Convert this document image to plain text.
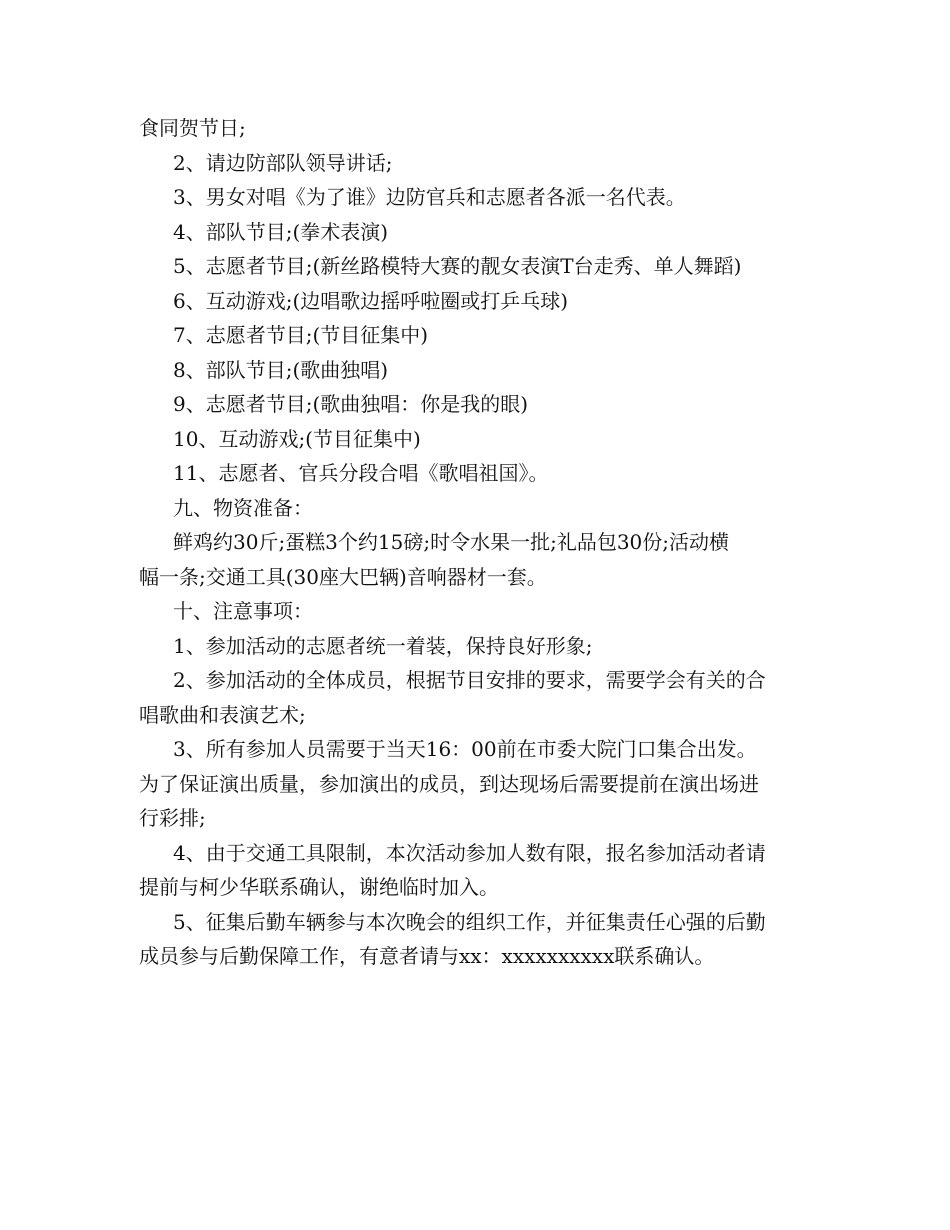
食同贺节日;

2、请边防部队领导讲话;

3、男女对唱《为了谁》边防官兵和志愿者各派一名代表。

4、部队节目;(拳术表演)

5、志愿者节目;(新丝路模特大赛的靓女表演T台走秀、单人舞蹈)

6、互动游戏;(边唱歌边摇呼啦圈或打乒乓球)

7、志愿者节目;(节目征集中)

8、部队节目;(歌曲独唱)

9、志愿者节目;(歌曲独唱：你是我的眼)

10、互动游戏;(节目征集中)

11、志愿者、官兵分段合唱《歌唱祖国》。

九、物资准备：

鲜鸡约30斤;蛋糕3个约15磅;时令水果一批;礼品包30份;活动横

幅一条;交通工具(30座大巴辆)音响器材一套。

十、注意事项：

1、参加活动的志愿者统一着装，保持良好形象;

2、参加活动的全体成员，根据节目安排的要求，需要学会有关的合

唱歌曲和表演艺术;

3、所有参加人员需要于当天16：00前在市委大院门口集合出发。

为了保证演出质量，参加演出的成员，到达现场后需要提前在演出场进

行彩排;

4、由于交通工具限制，本次活动参加人数有限，报名参加活动者请

提前与柯少华联系确认，谢绝临时加入。

5、征集后勤车辆参与本次晚会的组织工作，并征集责任心强的后勤

成员参与后勤保障工作，有意者请与xx：xxxxxxxxxx联系确认。
